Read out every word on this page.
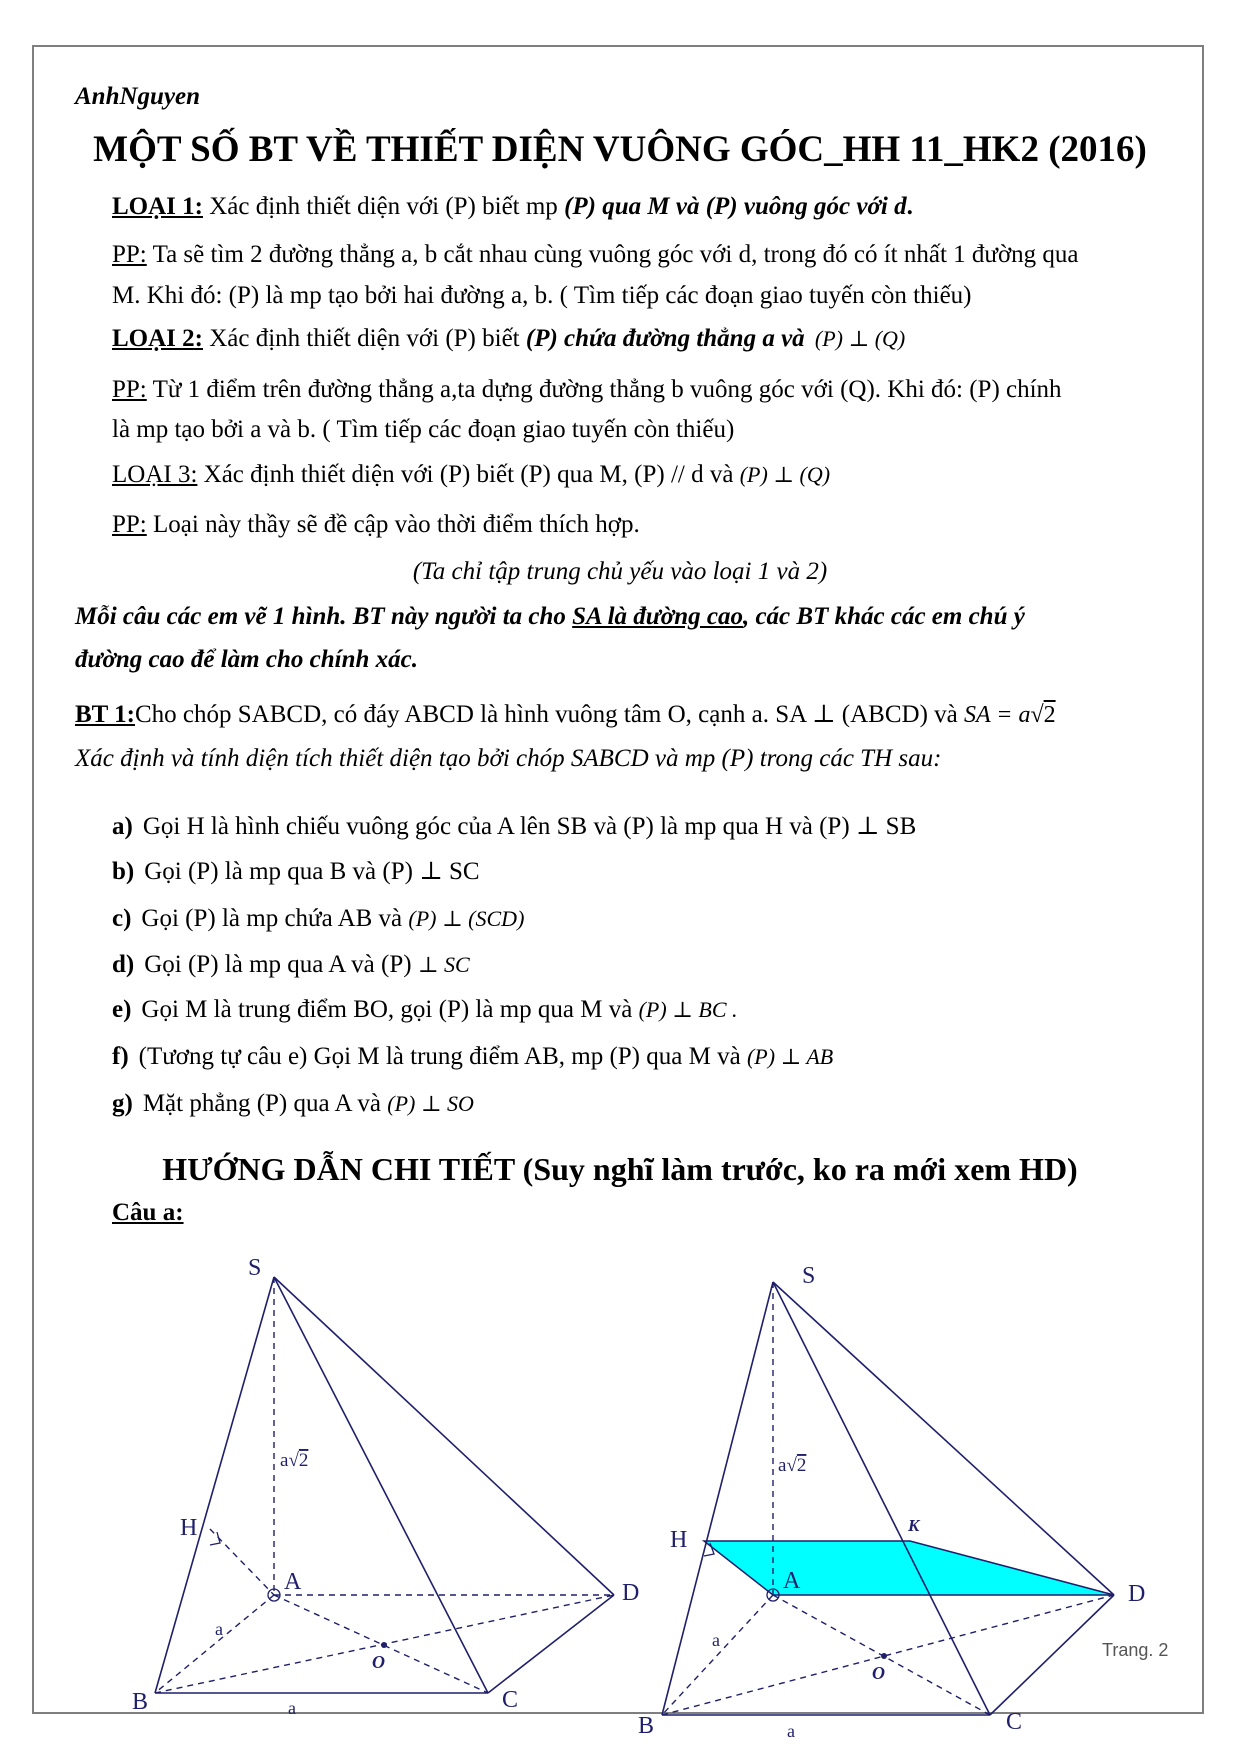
AnhNguyen
MỘT SỐ BT VỀ THIẾT DIỆN VUÔNG GÓC_HH 11_HK2 (2016)
LOẠI 1: Xác định thiết diện với (P) biết mp (P) qua M và (P) vuông góc với d.
PP: Ta sẽ tìm 2 đường thẳng a, b cắt nhau cùng vuông góc với d, trong đó có ít nhất 1 đường qua
M. Khi đó: (P) là mp tạo bởi hai đường a, b. ( Tìm tiếp các đoạn giao tuyến còn thiếu)
LOẠI 2: Xác định thiết diện với (P) biết (P) chứa đường thẳng a và (P) ⊥ (Q)
PP: Từ 1 điểm trên đường thẳng a,ta dựng đường thẳng b vuông góc với (Q). Khi đó: (P) chính
là mp tạo bởi a và b. ( Tìm tiếp các đoạn giao tuyến còn thiếu)
LOẠI 3: Xác định thiết diện với (P) biết (P) qua M, (P) // d và (P) ⊥ (Q)
PP: Loại này thầy sẽ đề cập vào thời điểm thích hợp.
(Ta chỉ tập trung chủ yếu vào loại 1 và 2)
Mỗi câu các em vẽ 1 hình. BT này người ta cho SA là đường cao, các BT khác các em chú ý
đường cao để làm cho chính xác.
BT 1:Cho chóp SABCD, có đáy ABCD là hình vuông tâm O, cạnh a. SA ⊥ (ABCD) và SA = a√2
Xác định và tính diện tích thiết diện tạo bởi chóp SABCD và mp (P) trong các TH sau:
a) Gọi H là hình chiếu vuông góc của A lên SB và (P) là mp qua H và (P) ⊥ SB
b) Gọi (P) là mp qua B và (P) ⊥ SC
c) Gọi (P) là mp chứa AB và (P) ⊥ (SCD)
d) Gọi (P) là mp qua A và (P) ⊥ SC
e) Gọi M là trung điểm BO, gọi (P) là mp qua M và (P) ⊥ BC .
f) (Tương tự câu e) Gọi M là trung điểm AB, mp (P) qua M và (P) ⊥ AB
g) Mặt phẳng (P) qua A và (P) ⊥ SO
HƯỚNG DẪN CHI TIẾT (Suy nghĩ làm trước, ko ra mới xem HD)
Câu a:
S
H
A	D
B	C
O
a
a
a√2
S
H
K
A	D
B	C
O
a
a
a√2
Trang. 2
